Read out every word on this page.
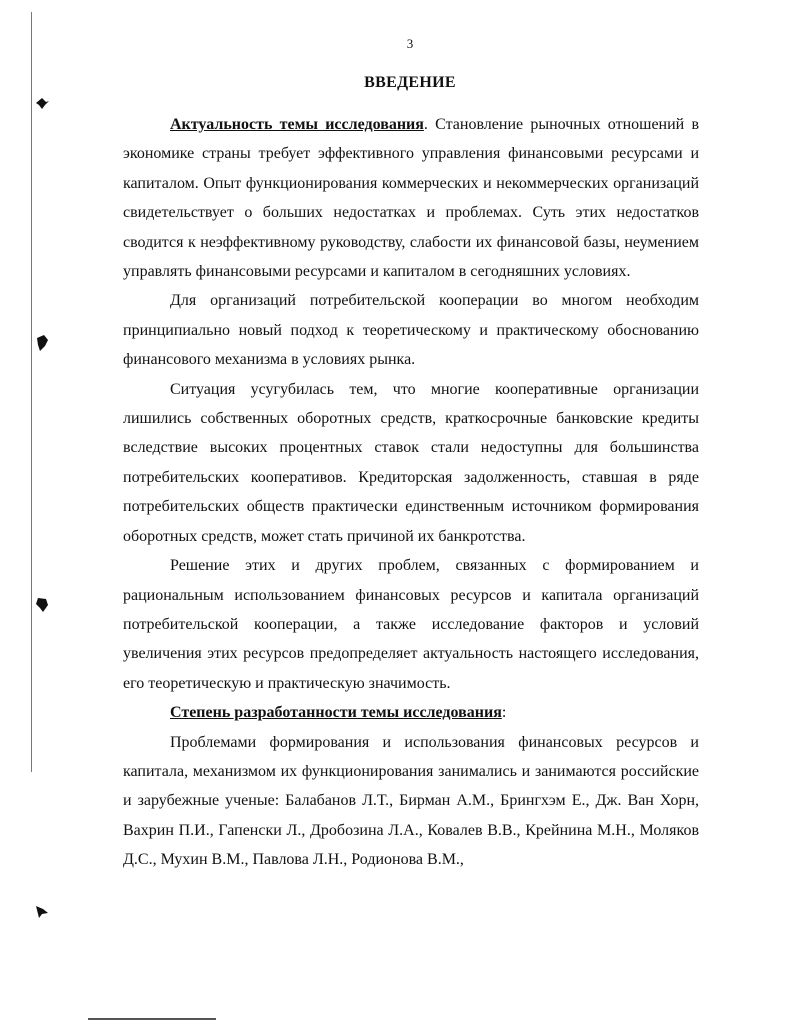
3
ВВЕДЕНИЕ

Актуальность темы исследования. Становление рыночных отношений в экономике страны требует эффективного управления финансовыми ресурсами и капиталом. Опыт функционирования коммерческих и некоммерческих организаций свидетельствует о больших недостатках и проблемах. Суть этих недостатков сводится к неэффективному руководству, слабости их финансовой базы, неумением управлять финансовыми ресурсами и капиталом в сегодняшних условиях.

Для организаций потребительской кооперации во многом необходим принципиально новый подход к теоретическому и практическому обоснованию финансового механизма в условиях рынка.

Ситуация усугубилась тем, что многие кооперативные организации лишились собственных оборотных средств, краткосрочные банковские кредиты вследствие высоких процентных ставок стали недоступны для большинства потребительских кооперативов. Кредиторская задолженность, ставшая в ряде потребительских обществ практически единственным источником формирования оборотных средств, может стать причиной их банкротства.

Решение этих и других проблем, связанных с формированием и рациональным использованием финансовых ресурсов и капитала организаций потребительской кооперации, а также исследование факторов и условий увеличения этих ресурсов предопределяет актуальность настоящего исследования, его теоретическую и практическую значимость.

Степень разработанности темы исследования:

Проблемами формирования и использования финансовых ресурсов и капитала, механизмом их функционирования занимались и занимаются российские и зарубежные ученые: Балабанов Л.Т., Бирман А.М., Брингхэм Е., Дж. Ван Хорн, Вахрин П.И., Гапенски Л., Дробозина Л.А., Ковалев В.В., Крейнина М.Н., Моляков Д.С., Мухин В.М., Павлова Л.Н., Родионова В.М.,
